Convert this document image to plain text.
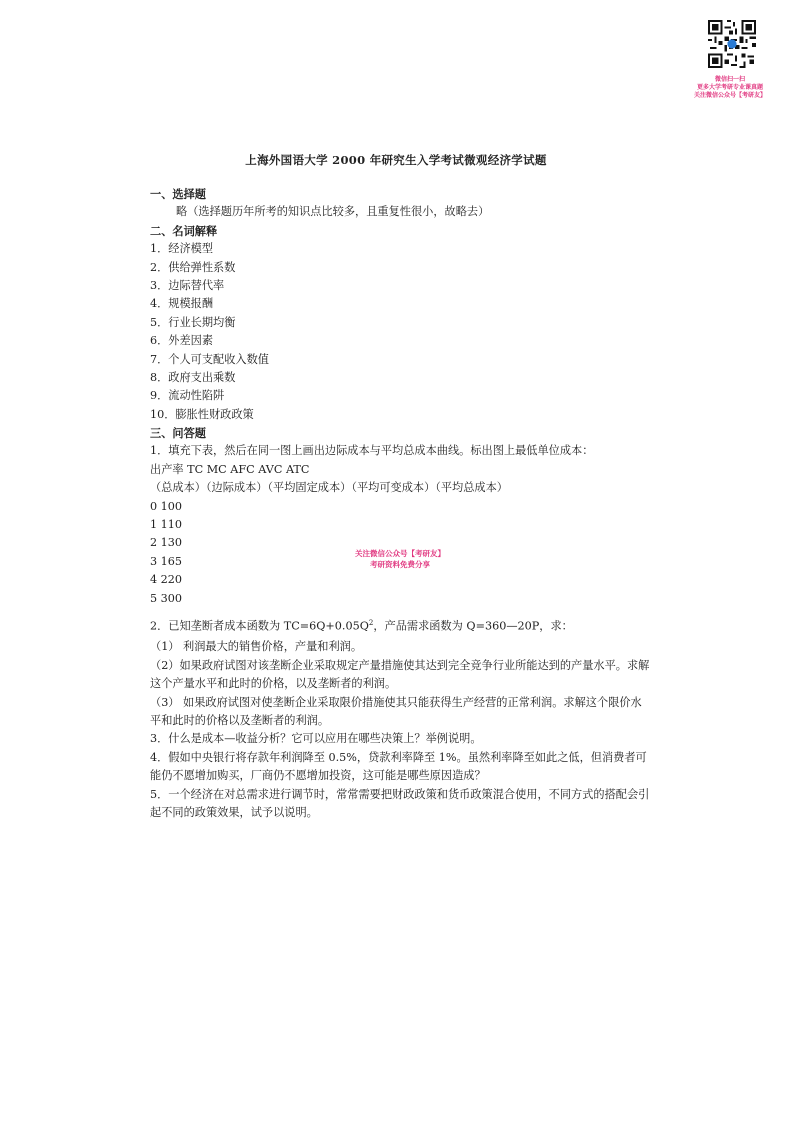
微信扫一扫
更多大学考研专业课真题
关注微信公众号【考研友】
上海外国语大学 2000 年研究生入学考试微观经济学试题
一、选择题
略（选择题历年所考的知识点比较多，且重复性很小，故略去）
二、名词解释
1．经济模型
2．供给弹性系数
3．边际替代率
4．规模报酬
5．行业长期均衡
6．外差因素
7．个人可支配收入数值
8．政府支出乘数
9．流动性陷阱
10．膨胀性财政政策
三、问答题
1．填充下表，然后在同一图上画出边际成本与平均总成本曲线。标出图上最低单位成本：
出产率 TC MC AFC AVC ATC
（总成本）（边际成本）（平均固定成本）（平均可变成本）（平均总成本）
0 100
1 110
2 130
3 165
4 220
5 300
2．已知垄断者成本函数为 $TC=6Q+0.05Q^2$，产品需求函数为 Q=360—20P，求：
（1） 利润最大的销售价格，产量和利润。
（2）如果政府试图对该垄断企业采取规定产量措施使其达到完全竞争行业所能达到的产量水平。求解这个产量水平和此时的价格，以及垄断者的利润。
（3） 如果政府试图对使垄断企业采取限价措施使其只能获得生产经营的正常利润。求解这个限价水平和此时的价格以及垄断者的利润。
3．什么是成本—收益分析？它可以应用在哪些决策上？举例说明。
4．假如中央银行将存款年利润降至 0.5%，贷款利率降至 1%。虽然利率降至如此之低，但消费者可能仍不愿增加购买，厂商仍不愿增加投资，这可能是哪些原因造成？
5．一个经济在对总需求进行调节时，常常需要把财政政策和货币政策混合使用，不同方式的搭配会引起不同的政策效果，试予以说明。
关注微信公众号【考研友】
考研资料免费分享
